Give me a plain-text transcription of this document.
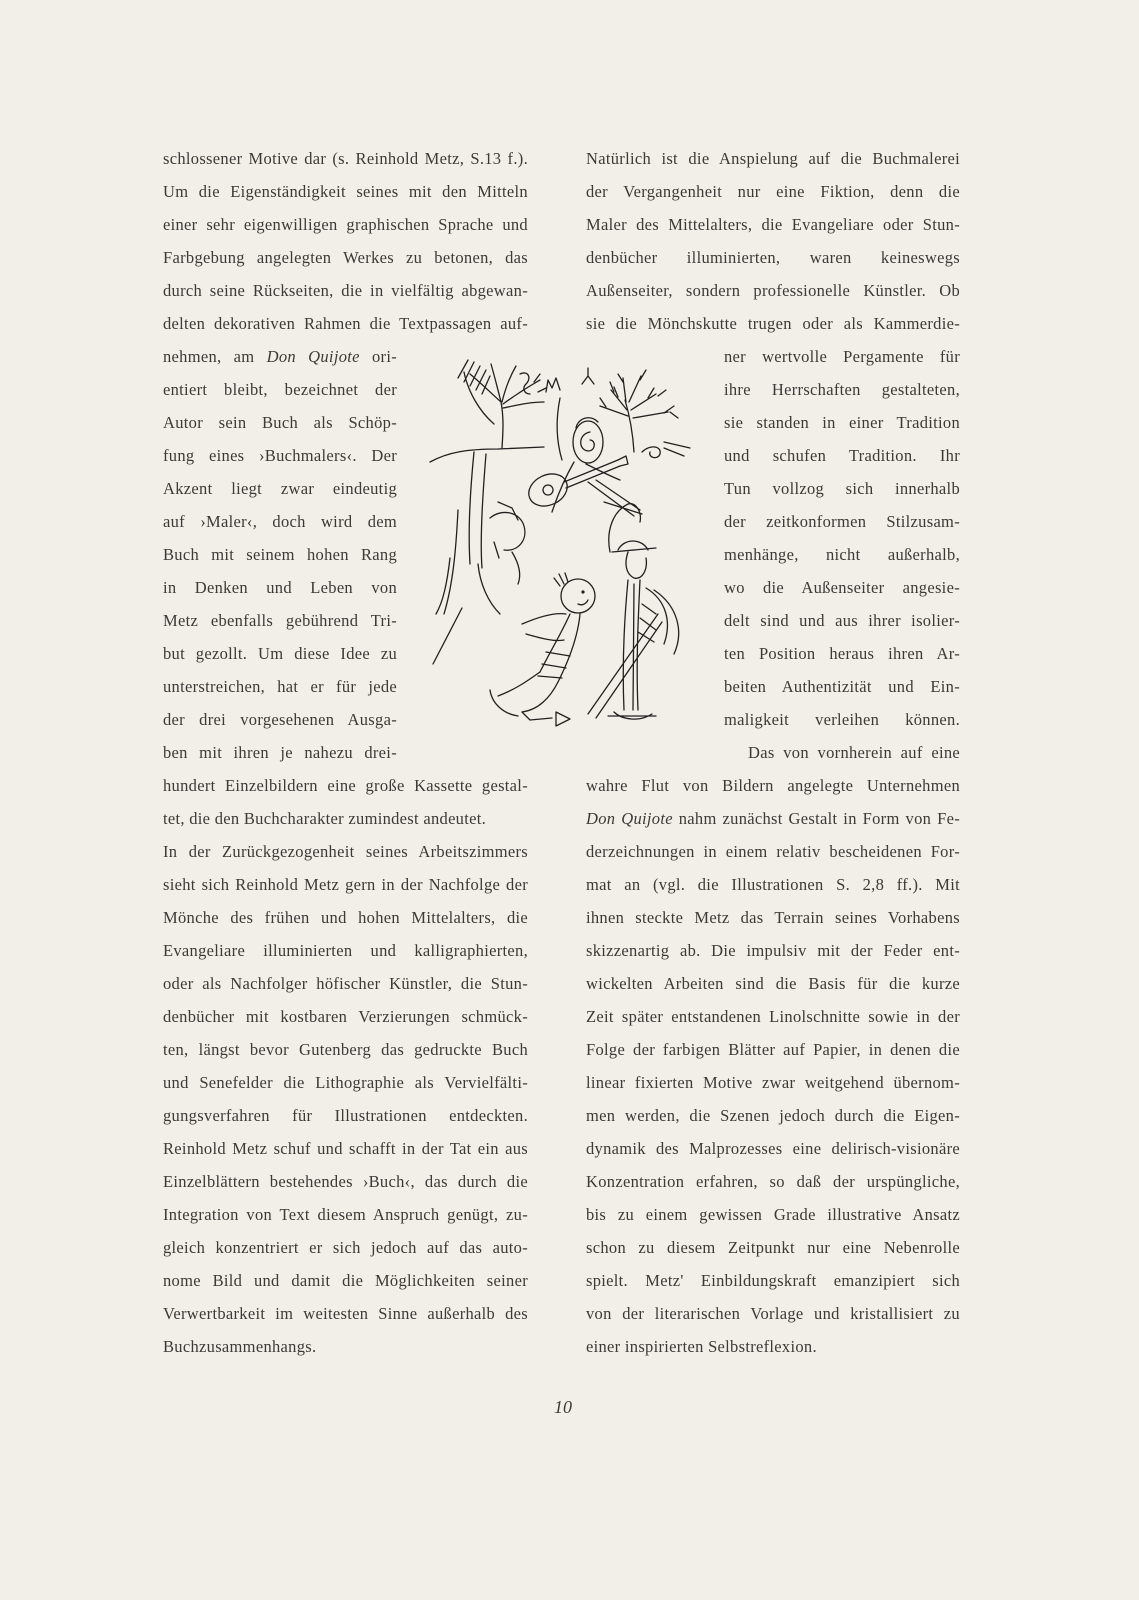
schlossener Motive dar (s. Reinhold Metz, S.13 f.).
Um die Eigenständigkeit seines mit den Mitteln
einer sehr eigenwilligen graphischen Sprache und
Farbgebung angelegten Werkes zu betonen, das
durch seine Rückseiten, die in vielfältig abgewan-
delten dekorativen Rahmen die Textpassagen auf-
nehmen, am Don Quijote ori-
entiert bleibt, bezeichnet der
Autor sein Buch als Schöp-
fung eines ›Buchmalers‹. Der
Akzent liegt zwar eindeutig
auf ›Maler‹, doch wird dem
Buch mit seinem hohen Rang
in Denken und Leben von
Metz ebenfalls gebührend Tri-
but gezollt. Um diese Idee zu
unterstreichen, hat er für jede
der drei vorgesehenen Ausga-
ben mit ihren je nahezu drei-
hundert Einzelbildern eine große Kassette gestal-
tet, die den Buchcharakter zumindest andeutet.
In der Zurückgezogenheit seines Arbeitszimmers
sieht sich Reinhold Metz gern in der Nachfolge der
Mönche des frühen und hohen Mittelalters, die
Evangeliare illuminierten und kalligraphierten,
oder als Nachfolger höfischer Künstler, die Stun-
denbücher mit kostbaren Verzierungen schmück-
ten, längst bevor Gutenberg das gedruckte Buch
und Senefelder die Lithographie als Vervielfälti-
gungsverfahren für Illustrationen entdeckten.
Reinhold Metz schuf und schafft in der Tat ein aus
Einzelblättern bestehendes ›Buch‹, das durch die
Integration von Text diesem Anspruch genügt, zu-
gleich konzentriert er sich jedoch auf das auto-
nome Bild und damit die Möglichkeiten seiner
Verwertbarkeit im weitesten Sinne außerhalb des
Buchzusammenhangs.
Natürlich ist die Anspielung auf die Buchmalerei
der Vergangenheit nur eine Fiktion, denn die
Maler des Mittelalters, die Evangeliare oder Stun-
denbücher illuminierten, waren keineswegs
Außenseiter, sondern professionelle Künstler. Ob
sie die Mönchskutte trugen oder als Kammerdie-
ner wertvolle Pergamente für
ihre Herrschaften gestalteten,
sie standen in einer Tradition
und schufen Tradition. Ihr
Tun vollzog sich innerhalb
der zeitkonformen Stilzusam-
menhänge, nicht außerhalb,
wo die Außenseiter angesie-
delt sind und aus ihrer isolier-
ten Position heraus ihren Ar-
beiten Authentizität und Ein-
maligkeit verleihen können.
Das von vornherein auf eine
wahre Flut von Bildern angelegte Unternehmen
Don Quijote nahm zunächst Gestalt in Form von Fe-
derzeichnungen in einem relativ bescheidenen For-
mat an (vgl. die Illustrationen S. 2,8 ff.). Mit
ihnen steckte Metz das Terrain seines Vorhabens
skizzenartig ab. Die impulsiv mit der Feder ent-
wickelten Arbeiten sind die Basis für die kurze
Zeit später entstandenen Linolschnitte sowie in der
Folge der farbigen Blätter auf Papier, in denen die
linear fixierten Motive zwar weitgehend übernom-
men werden, die Szenen jedoch durch die Eigen-
dynamik des Malprozesses eine delirisch-visionäre
Konzentration erfahren, so daß der urspüngliche,
bis zu einem gewissen Grade illustrative Ansatz
schon zu diesem Zeitpunkt nur eine Nebenrolle
spielt. Metz' Einbildungskraft emanzipiert sich
von der literarischen Vorlage und kristallisiert zu
einer inspirierten Selbstreflexion.
10
